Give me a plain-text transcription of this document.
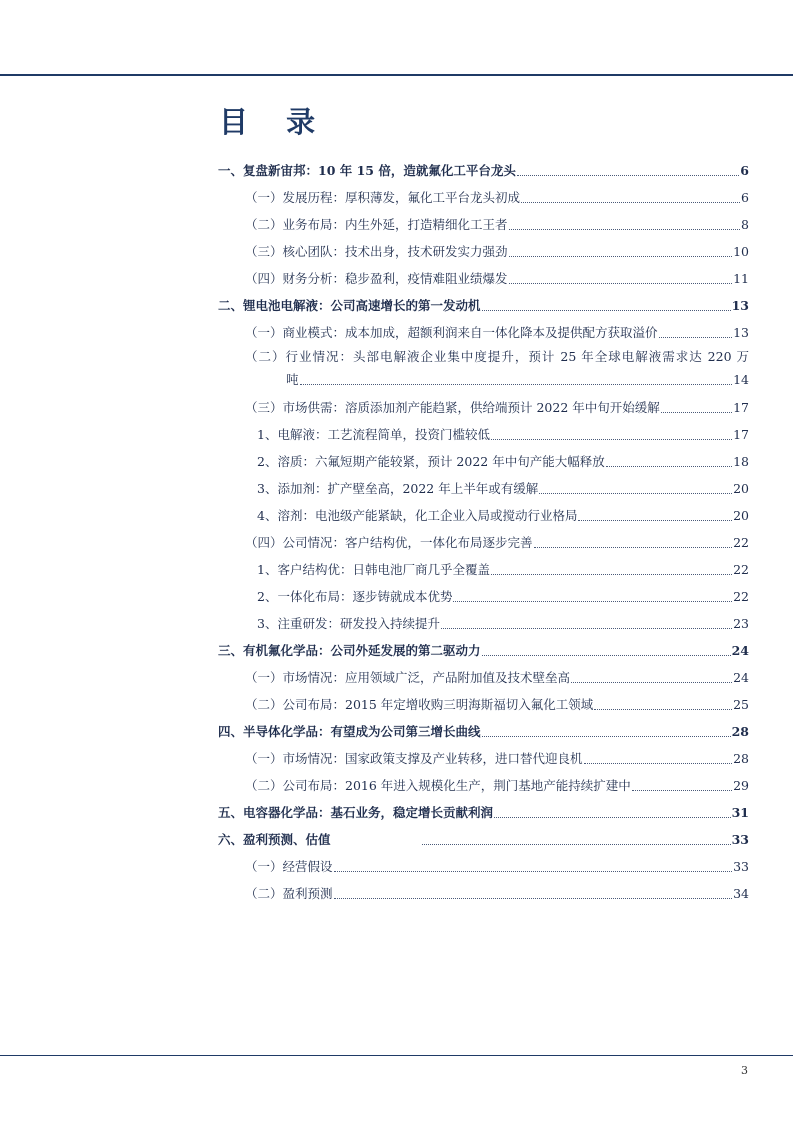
目 录
一、复盘新宙邦：10 年 15 倍，造就氟化工平台龙头	6
（一）发展历程：厚积薄发，氟化工平台龙头初成	6
（二）业务布局：内生外延，打造精细化工王者	8
（三）核心团队：技术出身，技术研发实力强劲	10
（四）财务分析：稳步盈利，疫情难阻业绩爆发	11
二、锂电池电解液：公司高速增长的第一发动机	13
（一）商业模式：成本加成，超额利润来自一体化降本及提供配方获取溢价	13
（二）行业情况：头部电解液企业集中度提升，预计 25 年全球电解液需求达 220 万
吨	14
（三）市场供需：溶质添加剂产能趋紧，供给端预计 2022 年中旬开始缓解	17
1、电解液：工艺流程简单，投资门槛较低	17
2、溶质：六氟短期产能较紧，预计 2022 年中旬产能大幅释放	18
3、添加剂：扩产壁垒高，2022 年上半年或有缓解	20
4、溶剂：电池级产能紧缺，化工企业入局或搅动行业格局	20
（四）公司情况：客户结构优，一体化布局逐步完善	22
1、客户结构优：日韩电池厂商几乎全覆盖	22
2、一体化布局：逐步铸就成本优势	22
3、注重研发：研发投入持续提升	23
三、有机氟化学品：公司外延发展的第二驱动力	24
（一）市场情况：应用领域广泛，产品附加值及技术壁垒高	24
（二）公司布局：2015 年定增收购三明海斯福切入氟化工领域	25
四、半导体化学品：有望成为公司第三增长曲线	28
（一）市场情况：国家政策支撑及产业转移，进口替代迎良机	28
（二）公司布局：2016 年进入规模化生产，荆门基地产能持续扩建中	29
五、电容器化学品：基石业务，稳定增长贡献利润	31
六、盈利预测、估值	33
（一）经营假设	33
（二）盈利预测	34
3
